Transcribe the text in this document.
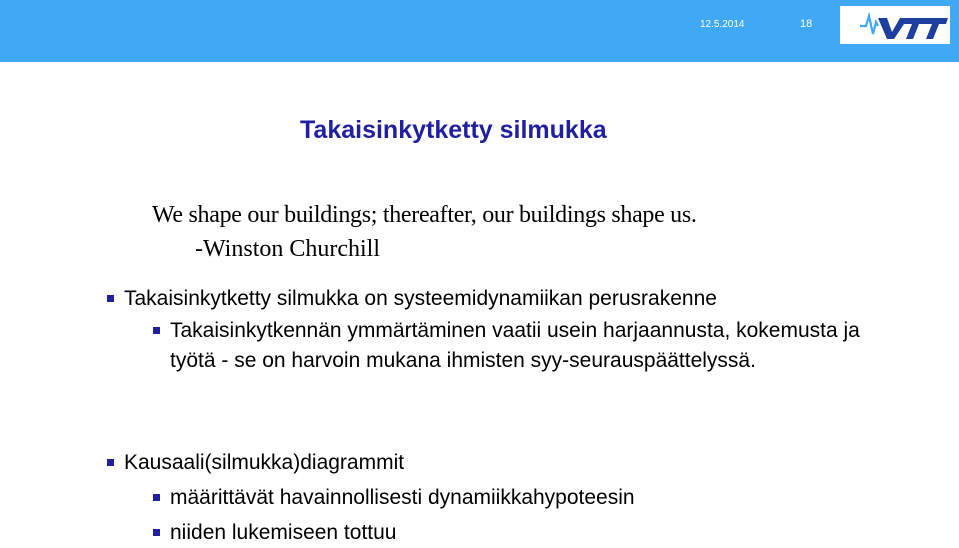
12.5.2014	18
Takaisinkytketty silmukka
We shape our buildings; thereafter, our buildings shape us.
-Winston Churchill
Takaisinkytketty silmukka on systeemidynamiikan perusrakenne
Takaisinkytkennän ymmärtäminen vaatii usein harjaannusta, kokemusta ja työtä - se on harvoin mukana ihmisten syy-seurauspäättelyssä.
Kausaali(silmukka)diagrammit
määrittävät havainnollisesti dynamiikkahypoteesin
niiden lukemiseen tottuu
